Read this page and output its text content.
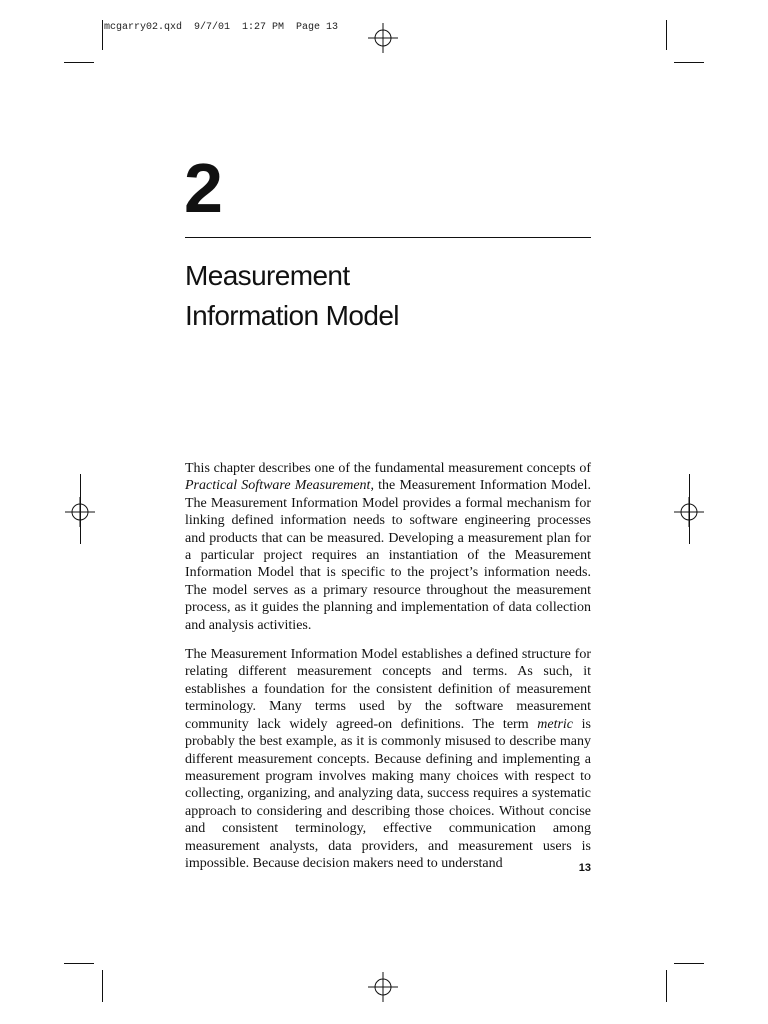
mcgarry02.qxd  9/7/01  1:27 PM  Page 13
2
Measurement
Information Model

This chapter describes one of the fundamental measurement concepts of Practical Software Measurement, the Measurement Information Model. The Measurement Information Model provides a formal mechanism for linking defined information needs to software engineering processes and products that can be measured. Developing a measurement plan for a particular project requires an instantiation of the Measurement Information Model that is specific to the project’s information needs. The model serves as a primary resource throughout the measurement process, as it guides the planning and implementation of data collection and analysis activities.

The Measurement Information Model establishes a defined structure for relating different measurement concepts and terms. As such, it establishes a foundation for the consistent definition of measurement terminology. Many terms used by the software measurement community lack widely agreed-on definitions. The term metric is probably the best example, as it is commonly misused to describe many different measurement concepts. Because defining and implementing a measurement program involves making many choices with respect to collecting, organizing, and analyzing data, success requires a systematic approach to considering and describing those choices. Without concise and consistent terminology, effective communication among measurement analysts, data providers, and measurement users is impossible. Because decision makers need to understand	13
